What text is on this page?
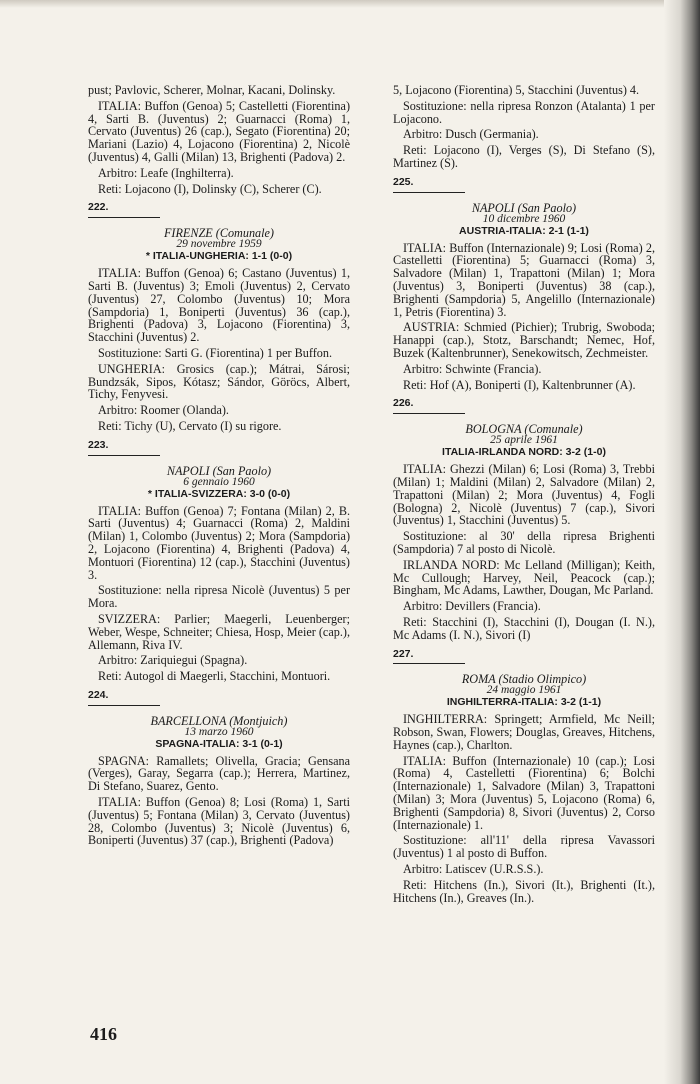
pust; Pavlovic, Scherer, Molnar, Kacani, Dolinsky.

ITALIA: Buffon (Genoa) 5; Castelletti (Fiorentina) 4, Sarti B. (Juventus) 2; Guarnacci (Roma) 1, Cervato (Juventus) 26 (cap.), Segato (Fiorentina) 20; Mariani (Lazio) 4, Lojacono (Fiorentina) 2, Nicolè (Juventus) 4, Galli (Milan) 13, Brighenti (Padova) 2.

Arbitro: Leafe (Inghilterra).

Reti: Lojacono (I), Dolinsky (C), Scherer (C).

222.
FIRENZE (Comunale)
29 novembre 1959
* ITALIA-UNGHERIA: 1-1 (0-0)

ITALIA: Buffon (Genoa) 6; Castano (Juventus) 1, Sarti B. (Juventus) 3; Emoli (Juventus) 2, Cervato (Juventus) 27, Colombo (Juventus) 10; Mora (Sampdoria) 1, Boniperti (Juventus) 36 (cap.), Brighenti (Padova) 3, Lojacono (Fiorentina) 3, Stacchini (Juventus) 2.

Sostituzione: Sarti G. (Fiorentina) 1 per Buffon.

UNGHERIA: Grosics (cap.); Mátrai, Sárosi; Bundzsák, Sipos, Kótasz; Sándor, Göröcs, Albert, Tichy, Fenyvesi.

Arbitro: Roomer (Olanda).

Reti: Tichy (U), Cervato (I) su rigore.

223.
NAPOLI (San Paolo)
6 gennaio 1960
* ITALIA-SVIZZERA: 3-0 (0-0)

ITALIA: Buffon (Genoa) 7; Fontana (Milan) 2, B. Sarti (Juventus) 4; Guarnacci (Roma) 2, Maldini (Milan) 1, Colombo (Juventus) 2; Mora (Sampdoria) 2, Lojacono (Fiorentina) 4, Brighenti (Padova) 4, Montuori (Fiorentina) 12 (cap.), Stacchini (Juventus) 3.

Sostituzione: nella ripresa Nicolè (Juventus) 5 per Mora.

SVIZZERA: Parlier; Maegerli, Leuenberger; Weber, Wespe, Schneiter; Chiesa, Hosp, Meier (cap.), Allemann, Riva IV.

Arbitro: Zariquiegui (Spagna).

Reti: Autogol di Maegerli, Stacchini, Montuori.

224.
BARCELLONA (Montjuich)
13 marzo 1960
SPAGNA-ITALIA: 3-1 (0-1)

SPAGNA: Ramallets; Olivella, Gracia; Gensana (Verges), Garay, Segarra (cap.); Herrera, Martinez, Di Stefano, Suarez, Gento.

ITALIA: Buffon (Genoa) 8; Losi (Roma) 1, Sarti (Juventus) 5; Fontana (Milan) 3, Cervato (Juventus) 28, Colombo (Juventus) 3; Nicolè (Juventus) 6, Boniperti (Juventus) 37 (cap.), Brighenti (Padova)

5, Lojacono (Fiorentina) 5, Stacchini (Juventus) 4.

Sostituzione: nella ripresa Ronzon (Atalanta) 1 per Lojacono.

Arbitro: Dusch (Germania).

Reti: Lojacono (I), Verges (S), Di Stefano (S), Martinez (S).

225.
NAPOLI (San Paolo)
10 dicembre 1960
AUSTRIA-ITALIA: 2-1 (1-1)

ITALIA: Buffon (Internazionale) 9; Losi (Roma) 2, Castelletti (Fiorentina) 5; Guarnacci (Roma) 3, Salvadore (Milan) 1, Trapattoni (Milan) 1; Mora (Juventus) 3, Boniperti (Juventus) 38 (cap.), Brighenti (Sampdoria) 5, Angelillo (Internazionale) 1, Petris (Fiorentina) 3.

AUSTRIA: Schmied (Pichier); Trubrig, Swoboda; Hanappi (cap.), Stotz, Barschandt; Nemec, Hof, Buzek (Kaltenbrunner), Senekowitsch, Zechmeister.

Arbitro: Schwinte (Francia).

Reti: Hof (A), Boniperti (I), Kaltenbrunner (A).

226.
BOLOGNA (Comunale)
25 aprile 1961
ITALIA-IRLANDA NORD: 3-2 (1-0)

ITALIA: Ghezzi (Milan) 6; Losi (Roma) 3, Trebbi (Milan) 1; Maldini (Milan) 2, Salvadore (Milan) 2, Trapattoni (Milan) 2; Mora (Juventus) 4, Fogli (Bologna) 2, Nicolè (Juventus) 7 (cap.), Sivori (Juventus) 1, Stacchini (Juventus) 5.

Sostituzione: al 30' della ripresa Brighenti (Sampdoria) 7 al posto di Nicolè.

IRLANDA NORD: Mc Lelland (Milligan); Keith, Mc Cullough; Harvey, Neil, Peacock (cap.); Bingham, Mc Adams, Lawther, Dougan, Mc Parland.

Arbitro: Devillers (Francia).

Reti: Stacchini (I), Stacchini (I), Dougan (I. N.), Mc Adams (I. N.), Sivori (I)

227.
ROMA (Stadio Olimpico)
24 maggio 1961
INGHILTERRA-ITALIA: 3-2 (1-1)

INGHILTERRA: Springett; Armfield, Mc Neill; Robson, Swan, Flowers; Douglas, Greaves, Hitchens, Haynes (cap.), Charlton.

ITALIA: Buffon (Internazionale) 10 (cap.); Losi (Roma) 4, Castelletti (Fiorentina) 6; Bolchi (Internazionale) 1, Salvadore (Milan) 3, Trapattoni (Milan) 3; Mora (Juventus) 5, Lojacono (Roma) 6, Brighenti (Sampdoria) 8, Sivori (Juventus) 2, Corso (Internazionale) 1.

Sostituzione: all'11' della ripresa Vavassori (Juventus) 1 al posto di Buffon.

Arbitro: Latiscev (U.R.S.S.).

Reti: Hitchens (In.), Sivori (It.), Brighenti (It.), Hitchens (In.), Greaves (In.).

416
